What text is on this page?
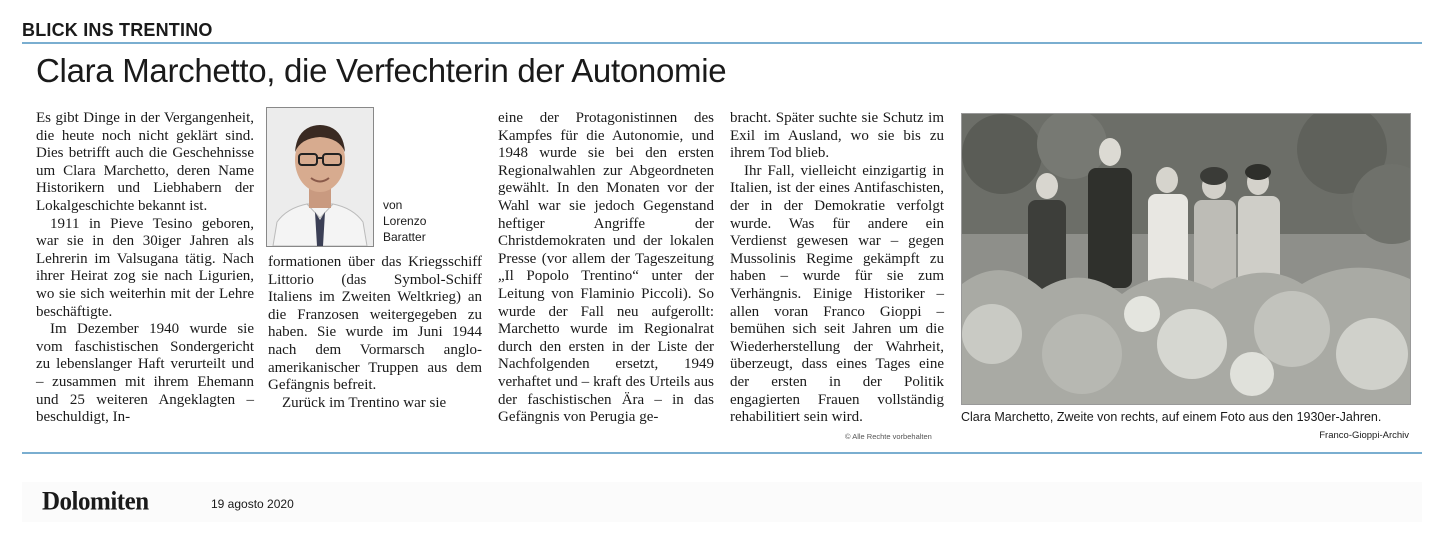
BLICK INS TRENTINO
Clara Marchetto, die Verfechterin der Autonomie

Es gibt Dinge in der Vergangenheit, die heute noch nicht geklärt sind. Dies betrifft auch die Geschehnisse um Clara Marchetto, deren Name Historikern und Liebhabern der Lokalgeschichte bekannt ist.

1911 in Pieve Tesino geboren, war sie in den 30iger Jahren als Lehrerin im Valsugana tätig. Nach ihrer Heirat zog sie nach Ligurien, wo sie sich weiterhin mit der Lehre beschäftigte.

Im Dezember 1940 wurde sie vom faschistischen Sondergericht zu lebenslanger Haft verurteilt und – zusammen mit ihrem Ehemann und 25 weiteren Angeklagten – beschuldigt, In-

von
Lorenzo
Baratter

formationen über das Kriegsschiff Littorio (das Symbol-Schiff Italiens im Zweiten Weltkrieg) an die Franzosen weitergegeben zu haben. Sie wurde im Juni 1944 nach dem Vormarsch anglo-amerikanischer Truppen aus dem Gefängnis befreit.

Zurück im Trentino war sie

eine der Protagonistinnen des Kampfes für die Autonomie, und 1948 wurde sie bei den ersten Regionalwahlen zur Abgeordneten gewählt. In den Monaten vor der Wahl war sie jedoch Gegenstand heftiger Angriffe der Christdemokraten und der lokalen Presse (vor allem der Tageszeitung „Il Popolo Trentino“ unter der Leitung von Flaminio Piccoli). So wurde der Fall neu aufgerollt: Marchetto wurde im Regionalrat durch den ersten in der Liste der Nachfolgenden ersetzt, 1949 verhaftet und – kraft des Urteils aus der faschistischen Ära – in das Gefängnis von Perugia ge-

bracht. Später suchte sie Schutz im Exil im Ausland, wo sie bis zu ihrem Tod blieb.

Ihr Fall, vielleicht einzigartig in Italien, ist der eines Antifaschisten, der in der Demokratie verfolgt wurde. Was für andere ein Verdienst gewesen war – gegen Mussolinis Regime gekämpft zu haben – wurde für sie zum Verhängnis. Einige Historiker – allen voran Franco Gioppi – bemühen sich seit Jahren um die Wiederherstellung der Wahrheit, überzeugt, dass eines Tages eine der ersten in der Politik engagierten Frauen vollständig rehabilitiert sein wird.

© Alle Rechte vorbehalten
Clara Marchetto, Zweite von rechts, auf einem Foto aus den 1930er-Jahren.
Franco-Gioppi-Archiv
Dolomiten	19 agosto 2020
